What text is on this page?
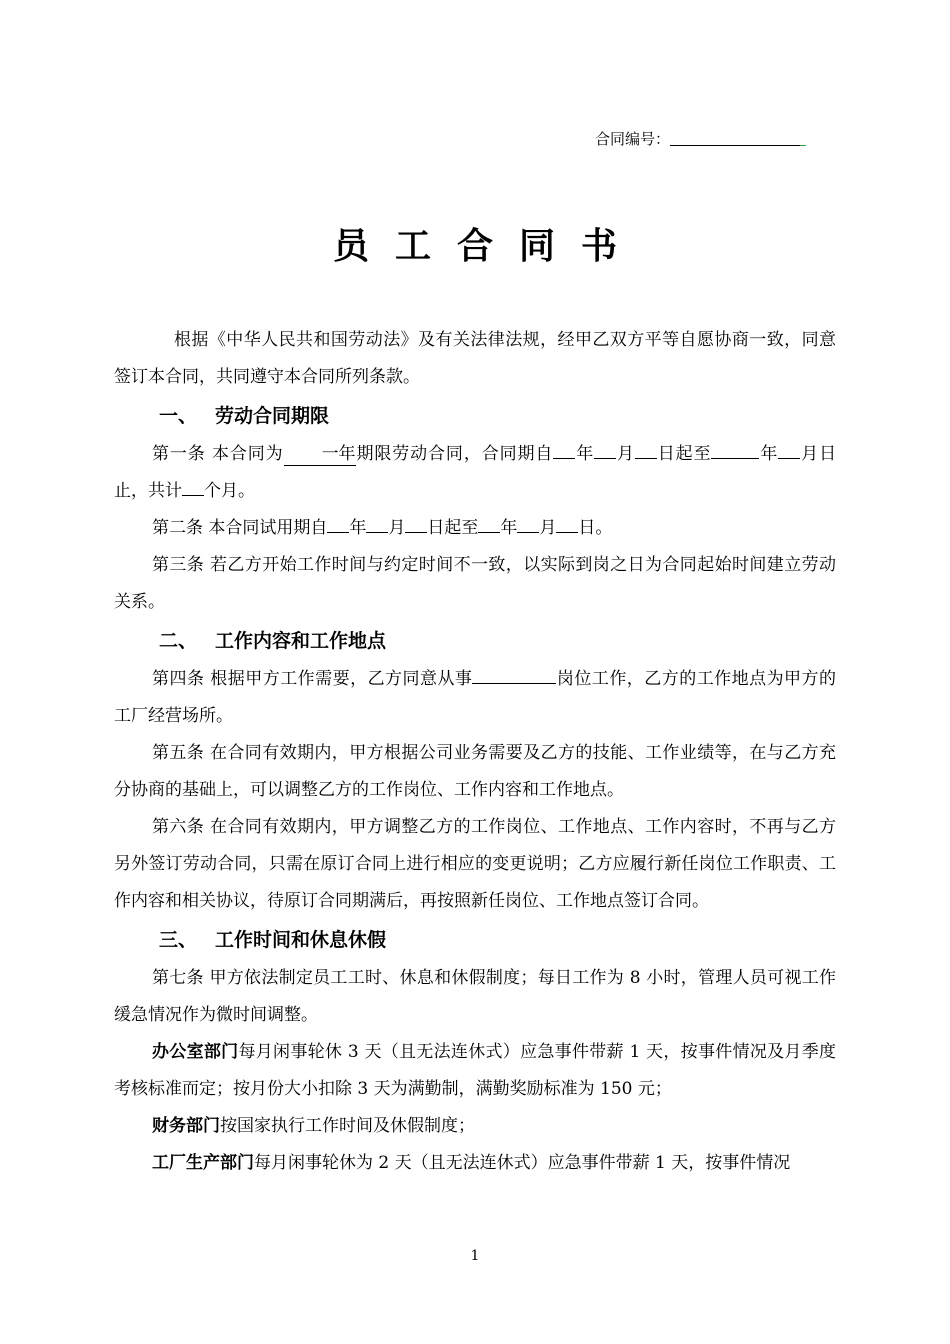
合同编号：
员工合同书

根据《中华人民共和国劳动法》及有关法律法规，经甲乙双方平等自愿协商一致，同意签订本合同，共同遵守本合同所列条款。

一、 劳动合同期限

第一条 本合同为 一年期限劳动合同，合同期自 年 月 日起至	年 月日止，共计 个月。

第二条 本合同试用期自 年 月 日起至 年 月 日。

第三条 若乙方开始工作时间与约定时间不一致，以实际到岗之日为合同起始时间建立劳动关系。

二、 工作内容和工作地点

第四条 根据甲方工作需要，乙方同意从事	岗位工作，乙方的工作地点为甲方的工厂经营场所。

第五条 在合同有效期内，甲方根据公司业务需要及乙方的技能、工作业绩等，在与乙方充分协商的基础上，可以调整乙方的工作岗位、工作内容和工作地点。

第六条 在合同有效期内，甲方调整乙方的工作岗位、工作地点、工作内容时，不再与乙方另外签订劳动合同，只需在原订合同上进行相应的变更说明；乙方应履行新任岗位工作职责、工作内容和相关协议，待原订合同期满后，再按照新任岗位、工作地点签订合同。

三、 工作时间和休息休假

第七条 甲方依法制定员工工时、休息和休假制度；每日工作为 8 小时，管理人员可视工作缓急情况作为微时间调整。

办公室部门每月闲事轮休 3 天（且无法连休式）应急事件带薪 1 天，按事件情况及月季度考核标准而定；按月份大小扣除 3 天为满勤制，满勤奖励标准为 150 元；

财务部门按国家执行工作时间及休假制度；

工厂生产部门每月闲事轮休为 2 天（且无法连休式）应急事件带薪 1 天，按事件情况

1
